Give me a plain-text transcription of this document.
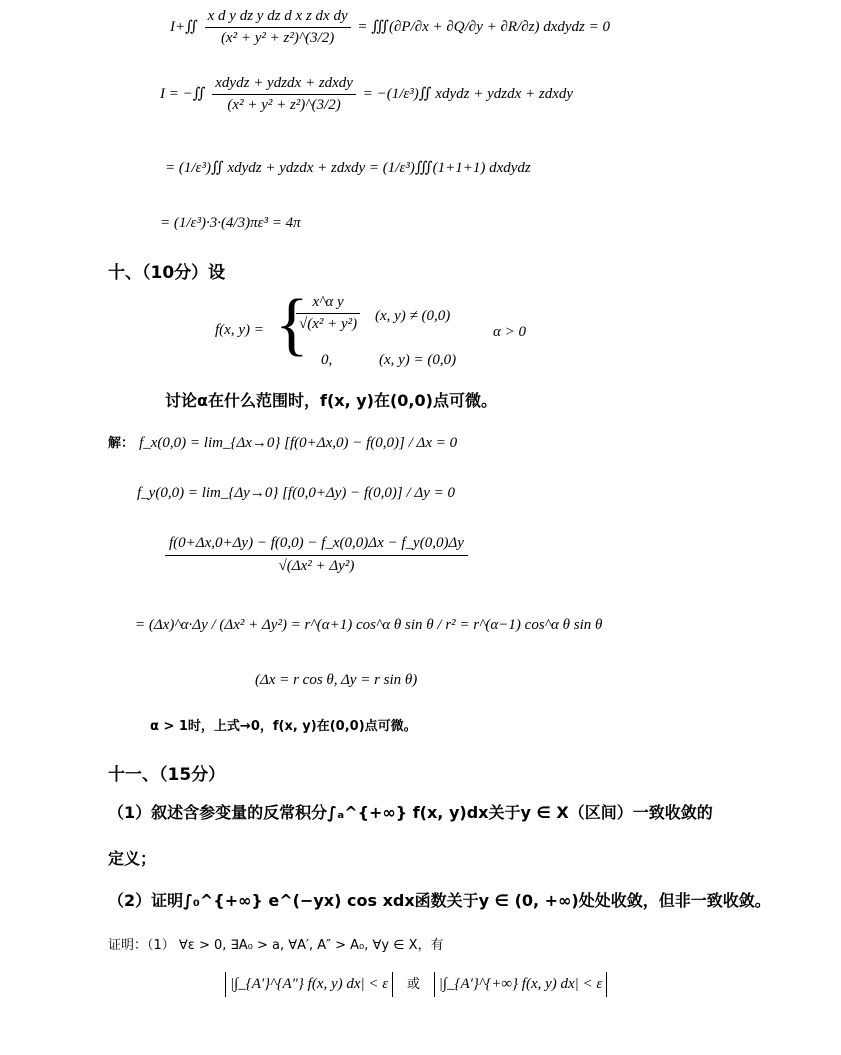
I+∬ $\frac{\text{x d y dz y dz d x z dx dy}}{\text{(x² + y² + z²)\textasciicircum{}(3/2)}}$ = ∭(∂P/∂x + ∂Q/∂y + ∂R/∂z) dxdydz = 0
I = −∬ $\frac{\text{xdydz + ydzdx + zdxdy}}{\text{(x² + y² + z²)\textasciicircum{}(3/2)}}$ = −(1/ε³)∬ xdydz + ydzdx + zdxdy
= (1/ε³)∬ xdydz + ydzdx + zdxdy = (1/ε³)∭(1+1+1) dxdydz
= (1/ε³)·3·(4/3)πε³ = 4π
十、（10分）设
f(x, y) = {
$\frac{\text{x\textasciicircum{}α y}}{\text{√(x² + y²)}} (x$, y) ≠ (0,0)
0,	(x, y) = (0,0)
α > 0
讨论α在什么范围时，f(x, y)在(0,0)点可微。
解： f_x(0,0) = lim_{Δx→0} [f(0+Δx,0) − f(0,0)] / Δx = 0
f_y(0,0) = lim_{Δy→0} [f(0,0+Δy) − f(0,0)] / Δy = 0
$\frac{f(0+\Delta x,0+\Delta y) - f(0,0) - f\_x(0,0)\Delta x - f\_y(0,0)\Delta y}{\text{√(Δx² + Δy²)}}$
= (Δx)^α·Δy / (Δx² + Δy²) = r^(α+1) cos^α θ sin θ / r² = r^(α−1) cos^α θ sin θ
(Δx = r cos θ, Δy = r sin θ)
α > 1时，上式→0，f(x, y)在(0,0)点可微。
十一、（15分）
（1）叙述含参变量的反常积分∫ₐ^{+∞} f(x, y)dx关于y ∈ X（区间）一致收敛的
定义；
（2）证明∫₀^{+∞} e^(−yx) cos xdx函数关于y ∈ (0, +∞)处处收敛，但非一致收敛。
证明：（1） ∀ε > 0, ∃A₀ > a, ∀A′, A″ > A₀, ∀y ∈ X，有
|∫_{A′}^{A″} f(x, y) dx| < ε 或 |∫_{A′}^{+∞} f(x, y) dx| < ε
